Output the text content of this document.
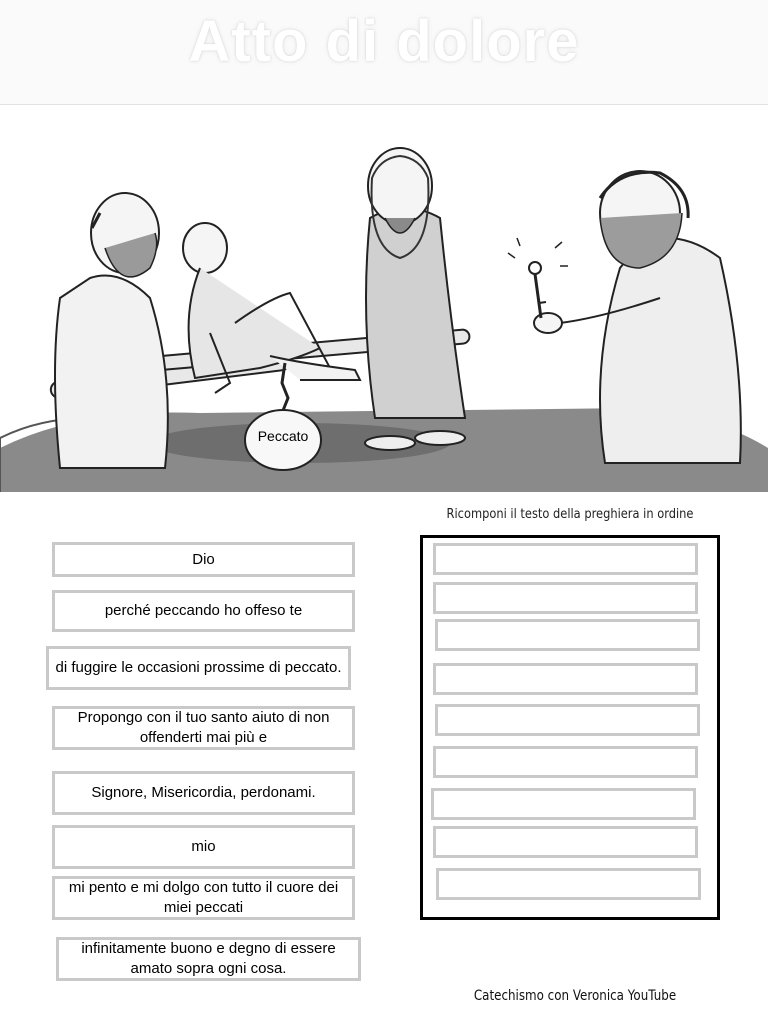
Atto di dolore
Peccato
Dio
perché peccando ho offeso te
di fuggire le occasioni prossime di peccato.
Propongo con il tuo santo aiuto di non offenderti mai più e
Signore, Misericordia, perdonami.
mio
mi pento e mi dolgo con tutto il cuore dei miei peccati
infinitamente buono e degno di essere amato sopra ogni cosa.
Ricomponi il testo della preghiera in ordine
Catechismo con Veronica YouTube
